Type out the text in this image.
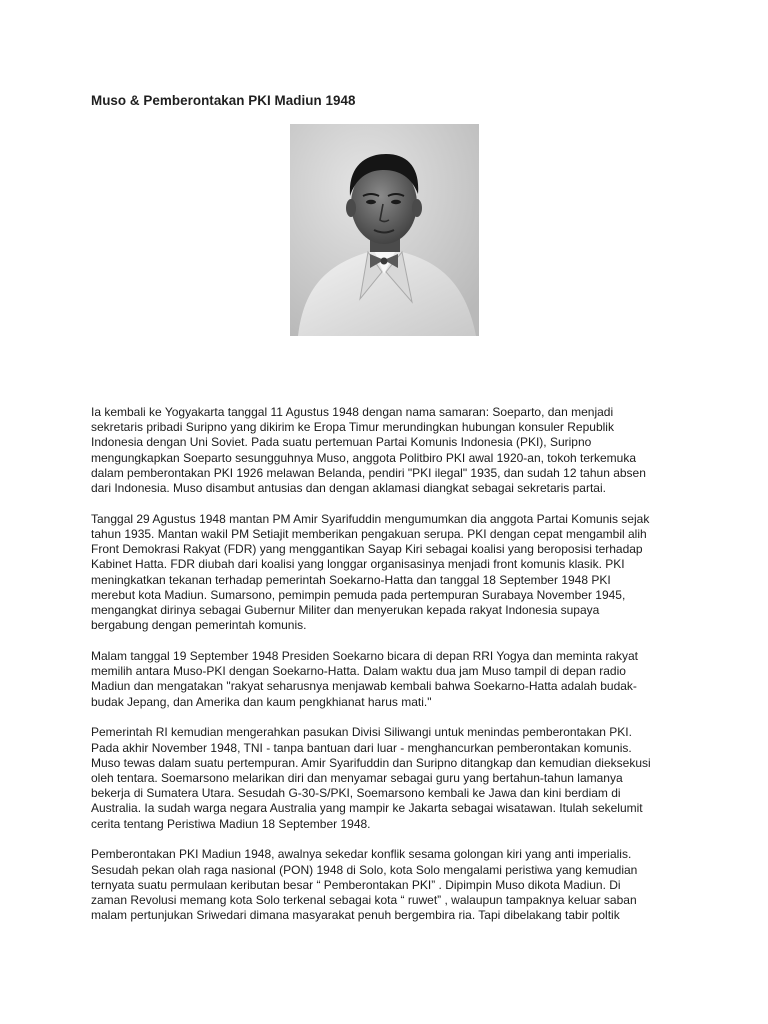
Muso & Pemberontakan PKI Madiun 1948

Ia kembali ke Yogyakarta tanggal 11 Agustus 1948 dengan nama samaran: Soeparto, dan menjadi
sekretaris pribadi Suripno yang dikirim ke Eropa Timur merundingkan hubungan konsuler Republik
Indonesia dengan Uni Soviet. Pada suatu pertemuan Partai Komunis Indonesia (PKI), Suripno
mengungkapkan Soeparto sesungguhnya Muso, anggota Politbiro PKI awal 1920-an, tokoh terkemuka
dalam pemberontakan PKI 1926 melawan Belanda, pendiri "PKI ilegal" 1935, dan sudah 12 tahun absen
dari Indonesia. Muso disambut antusias dan dengan aklamasi diangkat sebagai sekretaris partai.

Tanggal 29 Agustus 1948 mantan PM Amir Syarifuddin mengumumkan dia anggota Partai Komunis sejak
tahun 1935. Mantan wakil PM Setiajit memberikan pengakuan serupa. PKI dengan cepat mengambil alih
Front Demokrasi Rakyat (FDR) yang menggantikan Sayap Kiri sebagai koalisi yang beroposisi terhadap
Kabinet Hatta. FDR diubah dari koalisi yang longgar organisasinya menjadi front komunis klasik. PKI
meningkatkan tekanan terhadap pemerintah Soekarno-Hatta dan tanggal 18 September 1948 PKI
merebut kota Madiun. Sumarsono, pemimpin pemuda pada pertempuran Surabaya November 1945,
mengangkat dirinya sebagai Gubernur Militer dan menyerukan kepada rakyat Indonesia supaya
bergabung dengan pemerintah komunis.

Malam tanggal 19 September 1948 Presiden Soekarno bicara di depan RRI Yogya dan meminta rakyat
memilih antara Muso-PKI dengan Soekarno-Hatta. Dalam waktu dua jam Muso tampil di depan radio
Madiun dan mengatakan "rakyat seharusnya menjawab kembali bahwa Soekarno-Hatta adalah budak-
budak Jepang, dan Amerika dan kaum pengkhianat harus mati."

Pemerintah RI kemudian mengerahkan pasukan Divisi Siliwangi untuk menindas pemberontakan PKI.
Pada akhir November 1948, TNI - tanpa bantuan dari luar - menghancurkan pemberontakan komunis.
Muso tewas dalam suatu pertempuran. Amir Syarifuddin dan Suripno ditangkap dan kemudian dieksekusi
oleh tentara. Soemarsono melarikan diri dan menyamar sebagai guru yang bertahun-tahun lamanya
bekerja di Sumatera Utara. Sesudah G-30-S/PKI, Soemarsono kembali ke Jawa dan kini berdiam di
Australia. Ia sudah warga negara Australia yang mampir ke Jakarta sebagai wisatawan. Itulah sekelumit
cerita tentang Peristiwa Madiun 18 September 1948.

Pemberontakan PKI Madiun 1948, awalnya sekedar konflik sesama golongan kiri yang anti imperialis.
Sesudah pekan olah raga nasional (PON) 1948 di Solo, kota Solo mengalami peristiwa yang kemudian
ternyata suatu permulaan keributan besar “ Pemberontakan PKI” . Dipimpin Muso dikota Madiun. Di
zaman Revolusi memang kota Solo terkenal sebagai kota “ ruwet” , walaupun tampaknya keluar saban
malam pertunjukan Sriwedari dimana masyarakat penuh bergembira ria. Tapi dibelakang tabir poltik
